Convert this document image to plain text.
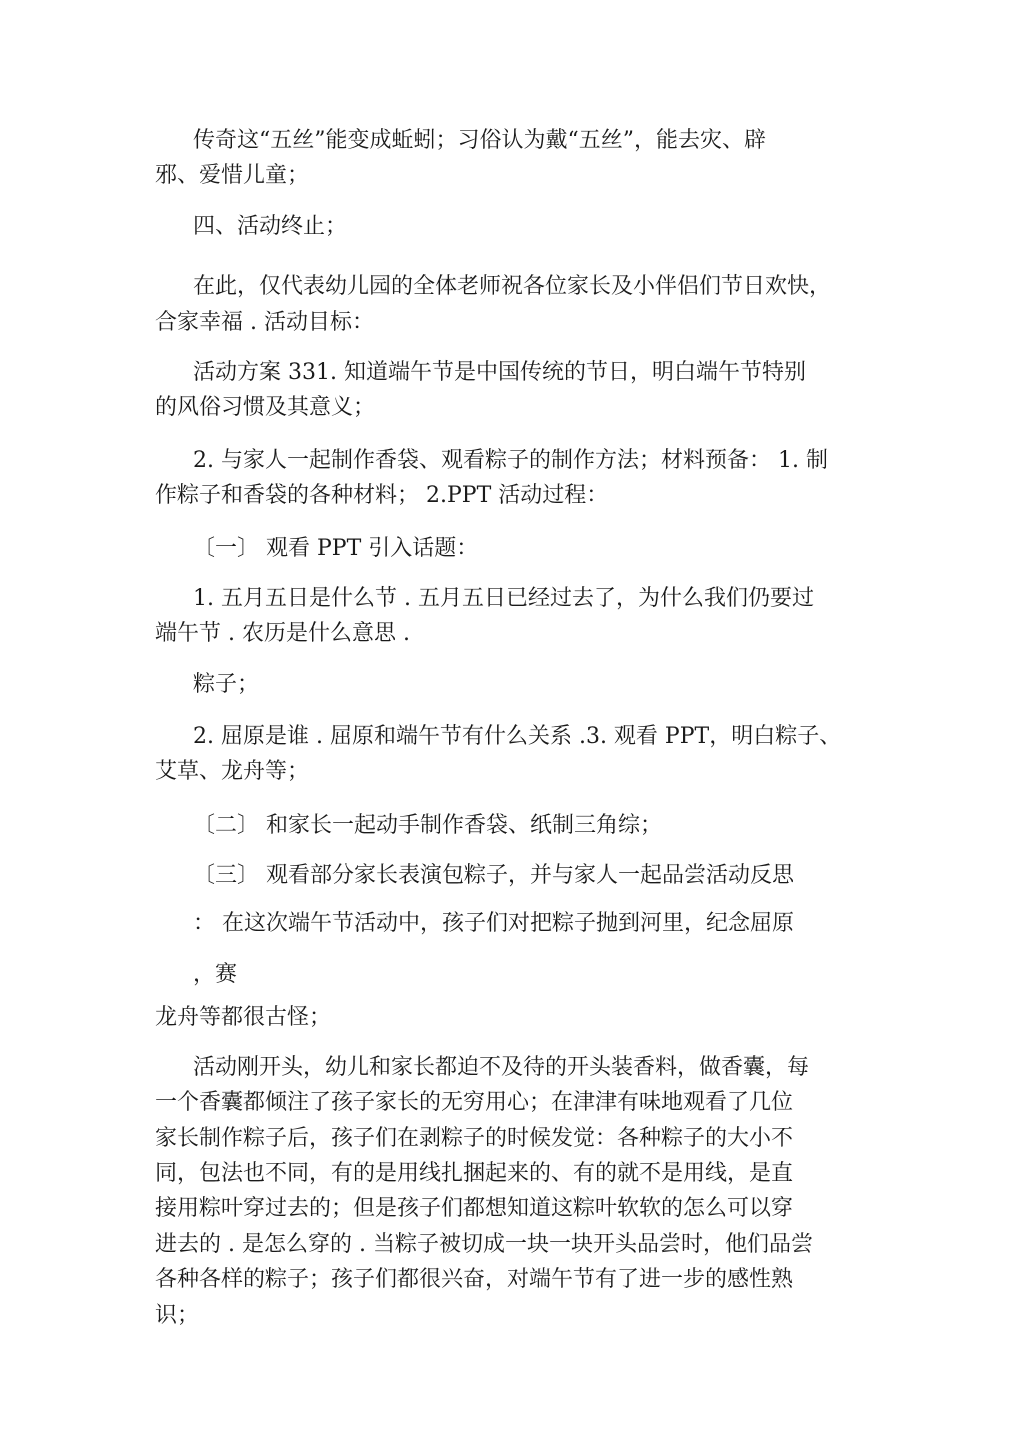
传奇这“五丝”能变成蚯蚓；习俗认为戴“五丝”，能去灾、辟
邪、爱惜儿童；
四、活动终止；
在此，仅代表幼儿园的全体老师祝各位家长及小伴侣们节日欢快，
合家幸福 . 活动目标：
活动方案 331. 知道端午节是中国传统的节日，明白端午节特别
的风俗习惯及其意义；
2. 与家人一起制作香袋、观看粽子的制作方法；材料预备： 1. 制
作粽子和香袋的各种材料； 2.PPT 活动过程：
〔一〕 观看 PPT 引入话题：
1. 五月五日是什么节 . 五月五日已经过去了，为什么我们仍要过
端午节 . 农历是什么意思 .
粽子；
2. 屈原是谁 . 屈原和端午节有什么关系 .3. 观看 PPT，明白粽子、
艾草、龙舟等；
〔二〕 和家长一起动手制作香袋、纸制三角综；
〔三〕 观看部分家长表演包粽子，并与家人一起品尝活动反思
： 在这次端午节活动中，孩子们对把粽子抛到河里，纪念屈原
，赛
龙舟等都很古怪；
活动刚开头，幼儿和家长都迫不及待的开头装香料，做香囊，每
一个香囊都倾注了孩子家长的无穷用心；在津津有味地观看了几位
家长制作粽子后，孩子们在剥粽子的时候发觉：各种粽子的大小不
同，包法也不同，有的是用线扎捆起来的、有的就不是用线，是直
接用粽叶穿过去的；但是孩子们都想知道这粽叶软软的怎么可以穿
进去的 . 是怎么穿的 . 当粽子被切成一块一块开头品尝时，他们品尝
各种各样的粽子；孩子们都很兴奋，对端午节有了进一步的感性熟
识；
